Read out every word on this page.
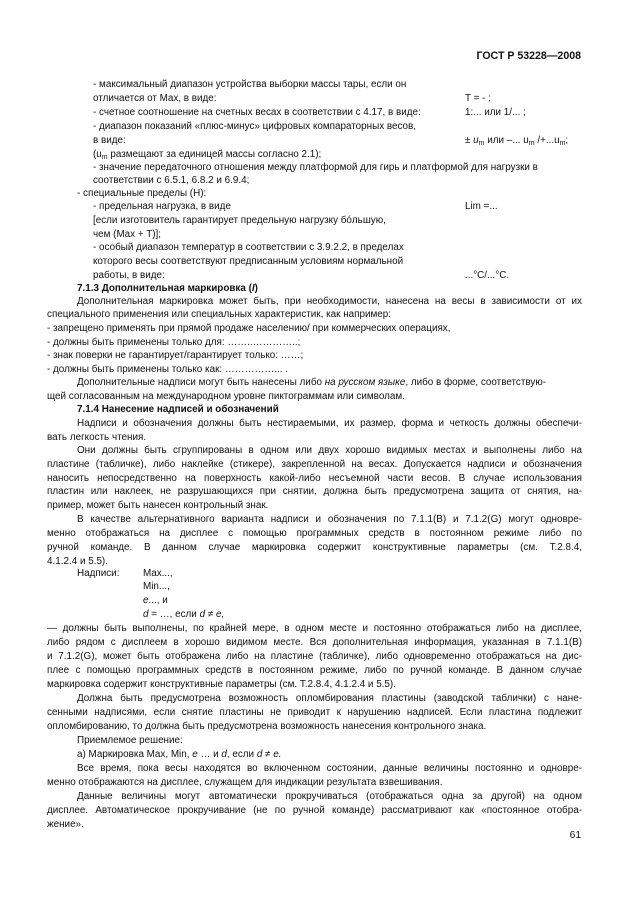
ГОСТ Р 53228—2008
- максимальный диапазон устройства выборки массы тары, если он
отличается от Max, в виде:	T = - ;
- счетное соотношение на счетных весах в соответствии с 4.17, в виде:	1:... или 1/... ;
- диапазон показаний «плюс-минус» цифровых компараторных весов,
в виде:	± $u_m$ или –... $u_m$ $/+...u_m$;
($u_m$ размещают за единицей массы согласно 2.1);
- значение передаточного отношения между платформой для гирь и платформой для нагрузки в
соответствии с 6.5.1, 6.8.2 и 6.9.4;
- специальные пределы (H):
- предельная нагрузка, в виде	Lim =...
[если изготовитель гарантирует предельную нагрузку бóльшую,
чем (Max + T)];
- особый диапазон температур в соответствии с 3.9.2.2, в пределах
которого весы соответствуют предписанным условиям нормальной
работы, в виде:	...°C/...°C.
7.1.3 Дополнительная маркировка (I)
Дополнительная маркировка может быть, при необходимости, нанесена на весы в зависимости от их
специального применения или специальных характеристик, как например:
- запрещено применять при прямой продаже населению/ при коммерческих операциях,
- должны быть применены только для: ……..…………..;
- знак поверки не гарантирует/гарантирует только: ……;
- должны быть применены только как: ……………... .
Дополнительные надписи могут быть нанесены либо на русском языке, либо в форме, соответствую-
щей согласованным на международном уровне пиктограммам или символам.
7.1.4 Нанесение надписей и обозначений
Надписи и обозначения должны быть нестираемыми, их размер, форма и четкость должны обеспечи-
вать легкость чтения.
Они должны быть сгруппированы в одном или двух хорошо видимых местах и выполнены либо на
пластине (табличке), либо наклейке (стикере), закрепленной на весах. Допускается надписи и обозначения
наносить непосредственно на поверхность какой-либо несъемной части весов. В случае использования
пластин или наклеек, не разрушающихся при снятии, должна быть предусмотрена защита от снятия, на-
пример, может быть нанесен контрольный знак.
В качестве альтернативного варианта надписи и обозначения по 7.1.1(B) и 7.1.2(G) могут одновре-
менно отображаться на дисплее с помощью программных средств в постоянном режиме либо по
ручной команде. В данном случае маркировка содержит конструктивные параметры (см. Т.2.8.4,
4.1.2.4 и 5.5).
Надписи: Max...,
Min...,
e..., и
d = …, если d ≠ e,
— должны быть выполнены, по крайней мере, в одном месте и постоянно отображаться либо на дисплее,
либо рядом с дисплеем в хорошо видимом месте. Вся дополнительная информация, указанная в 7.1.1(B)
и 7.1.2(G), может быть отображена либо на пластине (табличке), либо одновременно отображаться на дис-
плее с помощью программных средств в постоянном режиме, либо по ручной команде. В данном случае
маркировка содержит конструктивные параметры (см. Т.2.8.4, 4.1.2.4 и 5.5).
Должна быть предусмотрена возможность опломбирования пластины (заводской таблички) с нане-
сенными надписями, если снятие пластины не приводит к нарушению надписей. Если пластина подлежит
опломбированию, то должна быть предусмотрена возможность нанесения контрольного знака.
Приемлемое решение:
а) Маркировка Max, Min, e … и d, если d ≠ e.
Все время, пока весы находятся во включенном состоянии, данные величины постоянно и одновре-
менно отображаются на дисплее, служащем для индикации результата взвешивания.
Данные величины могут автоматически прокручиваться (отображаться одна за другой) на одном
дисплее. Автоматическое прокручивание (не по ручной команде) рассматривают как «постоянное отобра-
жение».
61
